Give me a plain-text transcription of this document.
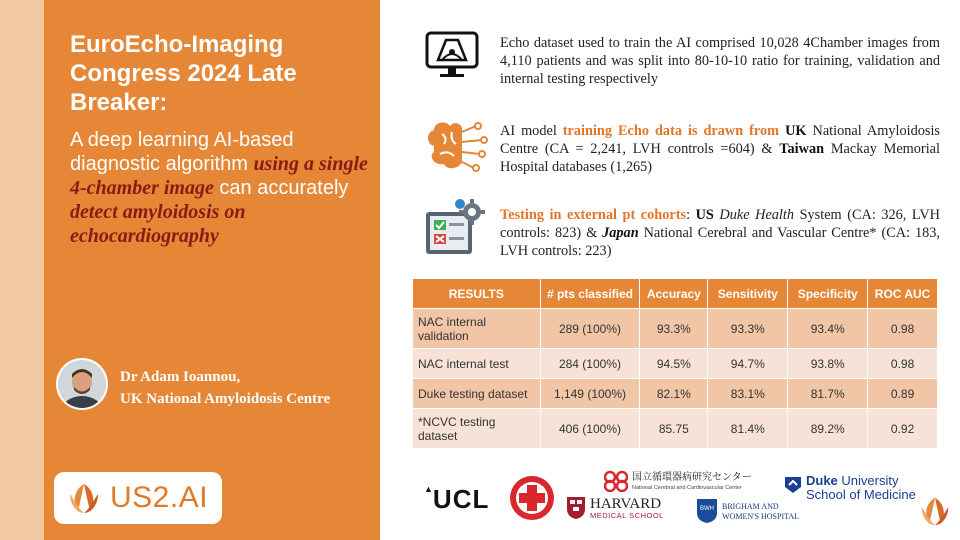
EuroEcho-Imaging Congress 2024 Late Breaker:
A deep learning AI-based diagnostic algorithm using a single 4-chamber image can accurately detect amyloidosis on echocardiography
Dr Adam Ioannou,
UK National Amyloidosis Centre
US2.AI
Echo dataset used to train the AI comprised 10,028 4Chamber images from 4,110 patients and was split into 80-10-10 ratio for training, validation and internal testing respectively
AI model training Echo data is drawn from UK National Amyloidosis Centre (CA = 2,241, LVH controls =604) & Taiwan Mackay Memorial Hospital databases (1,265)
Testing in external pt cohorts: US Duke Health System (CA: 326, LVH controls: 823) & Japan National Cerebral and Vascular Centre* (CA: 183, LVH controls: 223)
RESULTS	# pts classified	Accuracy	Sensitivity	Specificity	ROC AUC
NAC internal validation	289 (100%)	93.3%	93.3%	93.4%	0.98
NAC internal test	284 (100%)	94.5%	94.7%	93.8%	0.98
Duke testing dataset	1,149 (100%)	82.1%	83.1%	81.7%	0.89
*NCVC testing dataset	406 (100%)	85.75	81.4%	89.2%	0.92
▲UCL	HARVARD
MEDICAL SCHOOL
国立循環器病研究センター
National Cerebral and Cardiovascular Center
BWH BRIGHAM AND
WOMEN'S HOSPITAL
Duke University
School of Medicine
